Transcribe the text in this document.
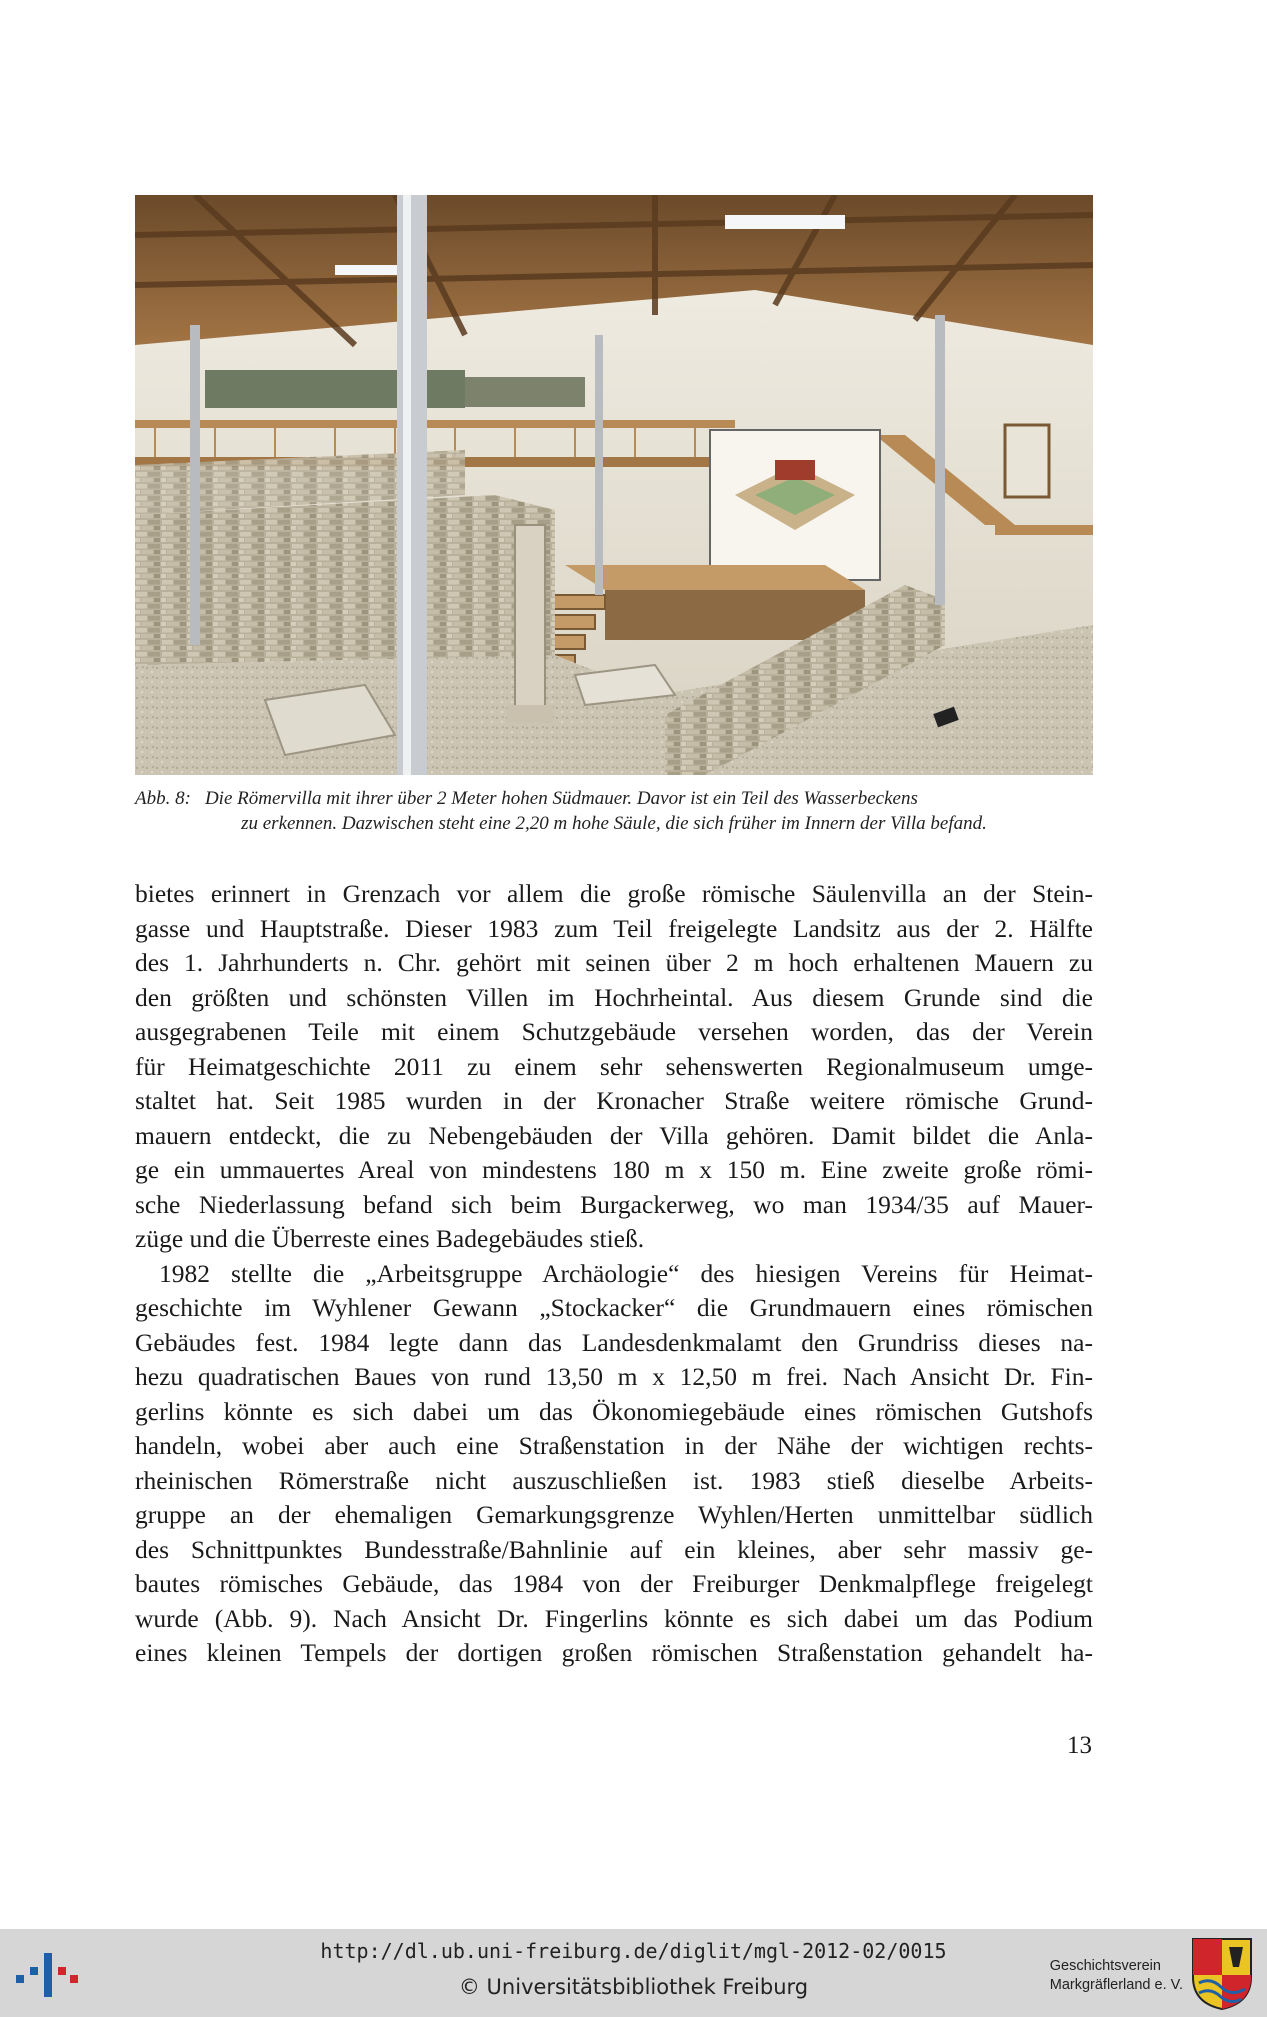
Abb. 8: Die Römervilla mit ihrer über 2 Meter hohen Südmauer. Davor ist ein Teil des Wasserbeckens
zu erkennen. Dazwischen steht eine 2,20 m hohe Säule, die sich früher im Innern der Villa befand.
bietes erinnert in Grenzach vor allem die große römische Säulenvilla an der Stein-
gasse und Hauptstraße. Dieser 1983 zum Teil freigelegte Landsitz aus der 2. Hälfte
des 1. Jahrhunderts n. Chr. gehört mit seinen über 2 m hoch erhaltenen Mauern zu
den größten und schönsten Villen im Hochrheintal. Aus diesem Grunde sind die
ausgegrabenen Teile mit einem Schutzgebäude versehen worden, das der Verein
für Heimatgeschichte 2011 zu einem sehr sehenswerten Regionalmuseum umge-
staltet hat. Seit 1985 wurden in der Kronacher Straße weitere römische Grund-
mauern entdeckt, die zu Nebengebäuden der Villa gehören. Damit bildet die Anla-
ge ein ummauertes Areal von mindestens 180 m x 150 m. Eine zweite große römi-
sche Niederlassung befand sich beim Burgackerweg, wo man 1934/35 auf Mauer-
züge und die Überreste eines Badegebäudes stieß.
1982 stellte die „Arbeitsgruppe Archäologie“ des hiesigen Vereins für Heimat-
geschichte im Wyhlener Gewann „Stockacker“ die Grundmauern eines römischen
Gebäudes fest. 1984 legte dann das Landesdenkmalamt den Grundriss dieses na-
hezu quadratischen Baues von rund 13,50 m x 12,50 m frei. Nach Ansicht Dr. Fin-
gerlins könnte es sich dabei um das Ökonomiegebäude eines römischen Gutshofs
handeln, wobei aber auch eine Straßenstation in der Nähe der wichtigen rechts-
rheinischen Römerstraße nicht auszuschließen ist. 1983 stieß dieselbe Arbeits-
gruppe an der ehemaligen Gemarkungsgrenze Wyhlen/Herten unmittelbar südlich
des Schnittpunktes Bundesstraße/Bahnlinie auf ein kleines, aber sehr massiv ge-
bautes römisches Gebäude, das 1984 von der Freiburger Denkmalpflege freigelegt
wurde (Abb. 9). Nach Ansicht Dr. Fingerlins könnte es sich dabei um das Podium
eines kleinen Tempels der dortigen großen römischen Straßenstation gehandelt ha-
13
http://dl.ub.uni-freiburg.de/diglit/mgl-2012-02/0015
© Universitätsbibliothek Freiburg
Geschichtsverein
Markgräflerland e. V.
